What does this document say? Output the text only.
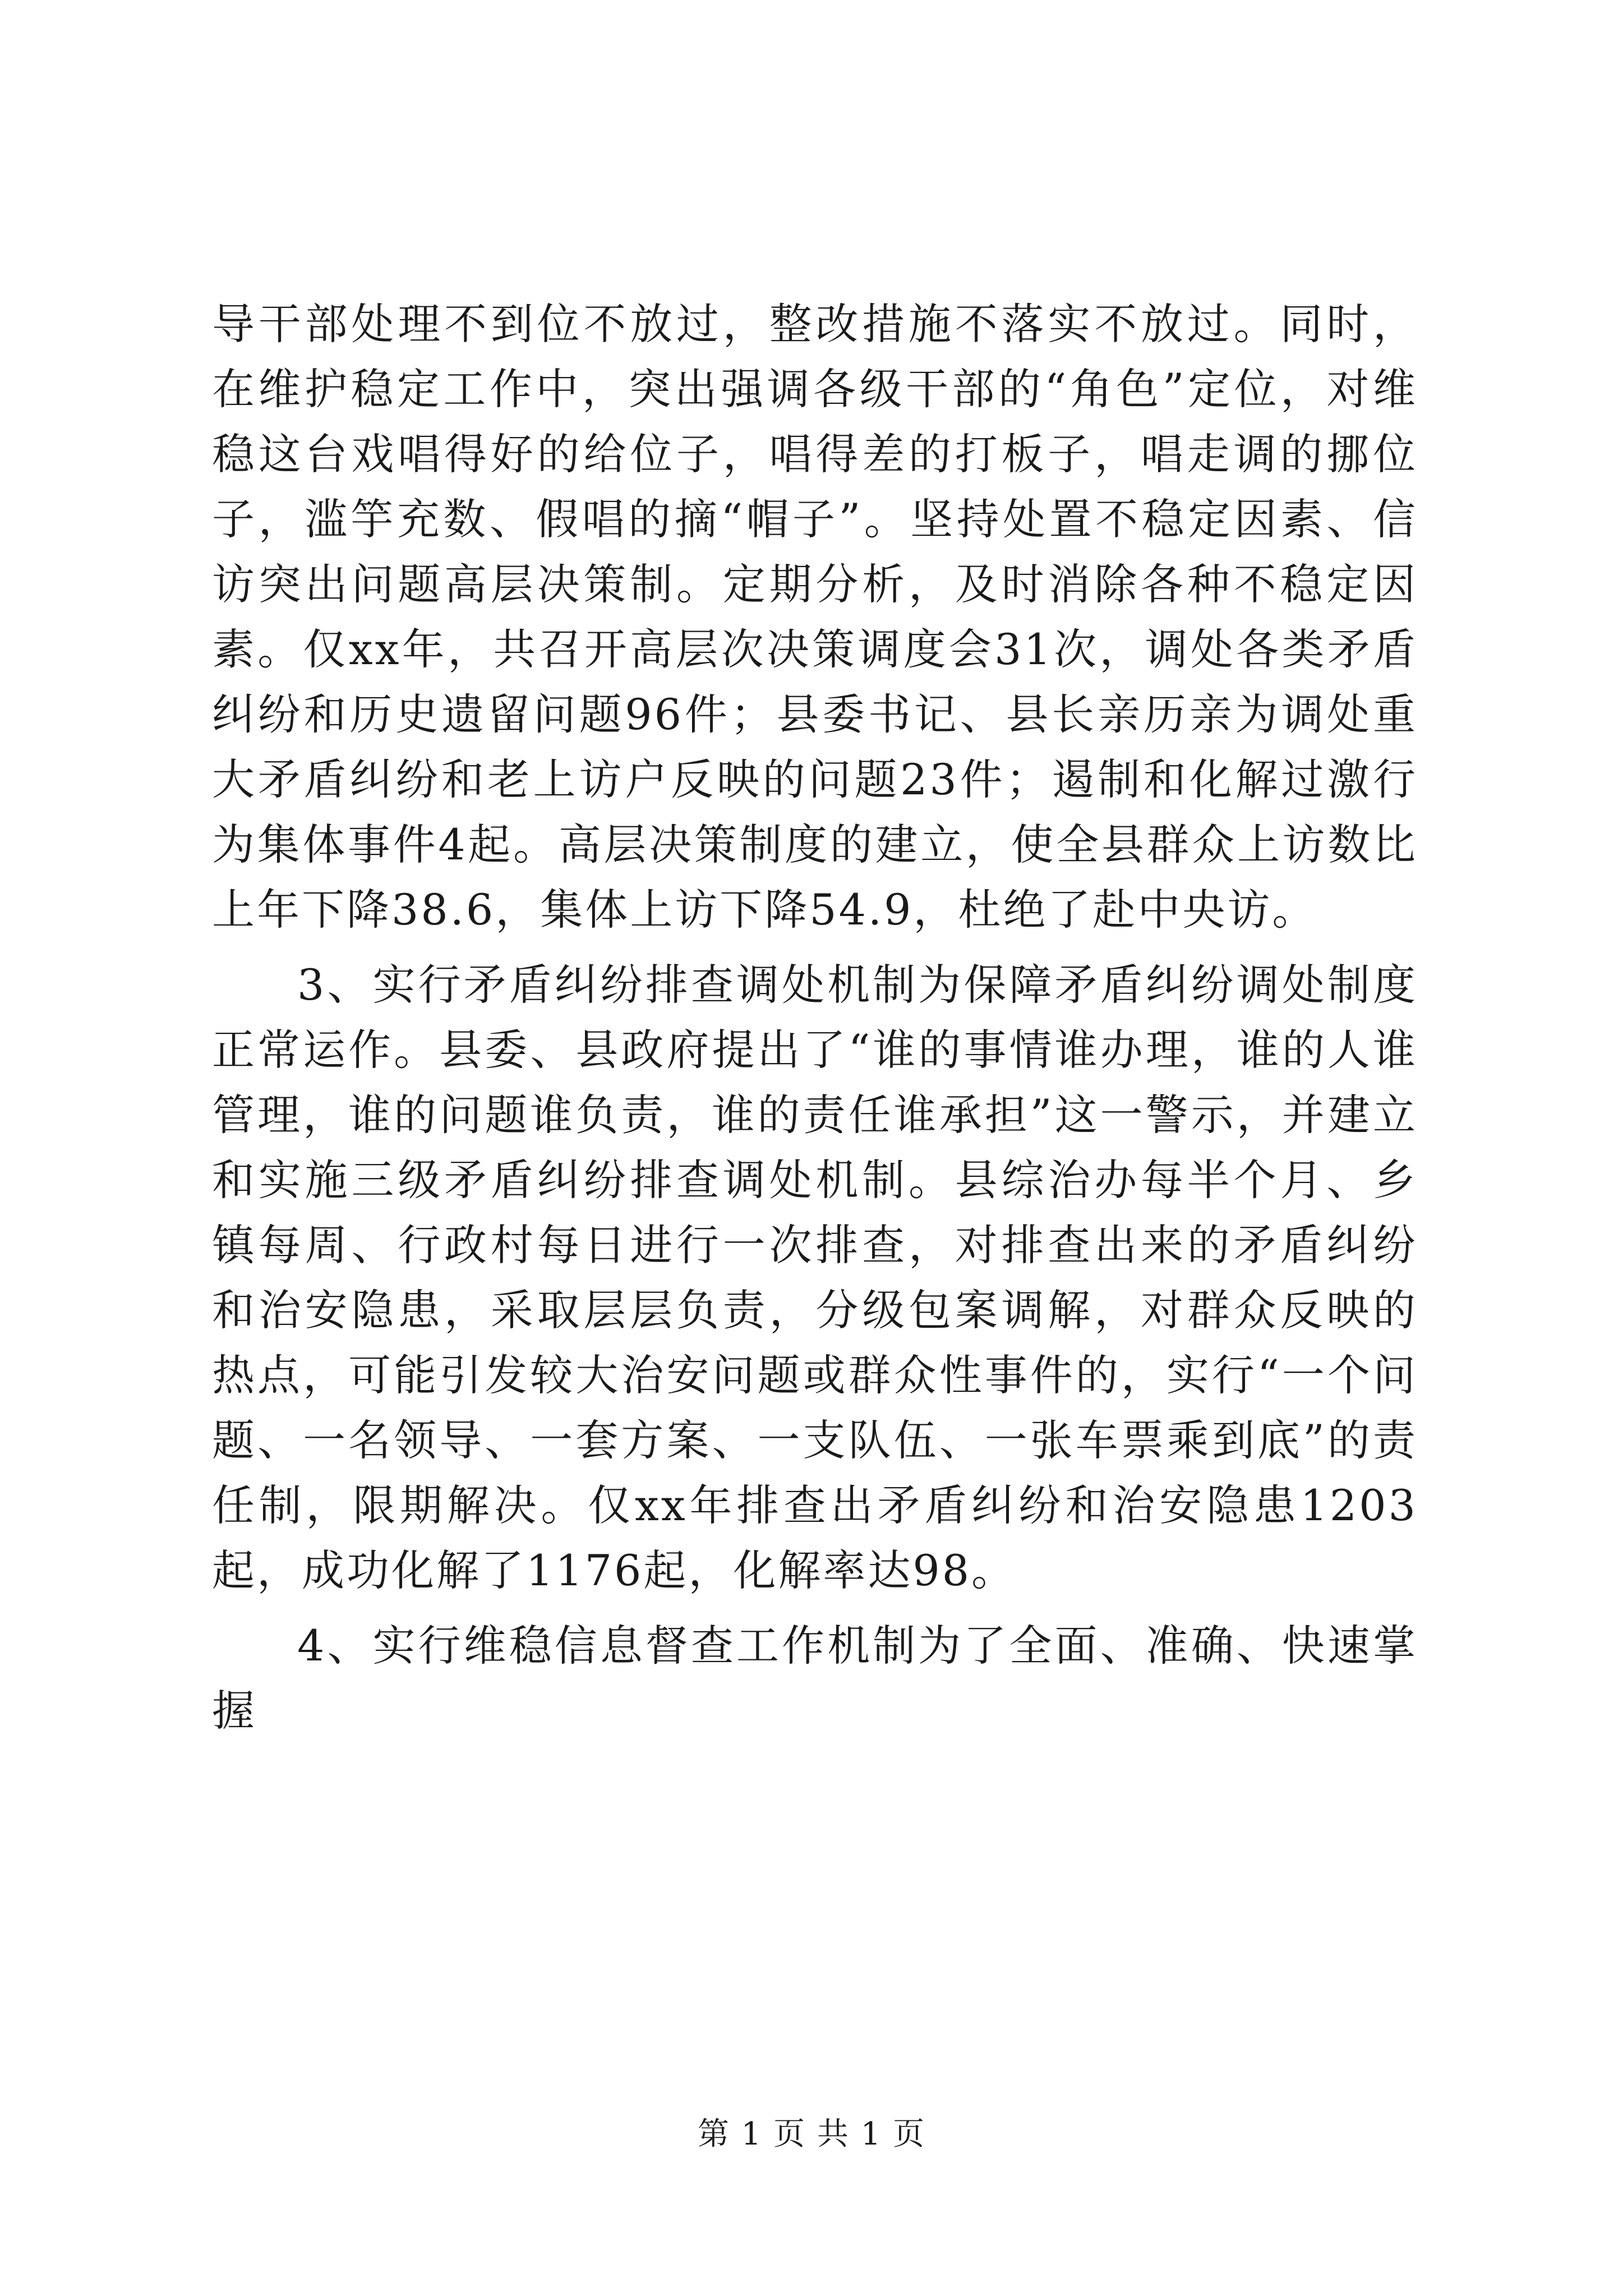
导干部处理不到位不放过，整改措施不落实不放过。同时，在维护稳定工作中，突出强调各级干部的“角色”定位，对维稳这台戏唱得好的给位子，唱得差的打板子，唱走调的挪位子，滥竽充数、假唱的摘“帽子”。坚持处置不稳定因素、信访突出问题高层决策制。定期分析，及时消除各种不稳定因素。仅xx年，共召开高层次决策调度会31次，调处各类矛盾纠纷和历史遗留问题96件；县委书记、县长亲历亲为调处重大矛盾纠纷和老上访户反映的问题23件；遏制和化解过激行为集体事件4起。高层决策制度的建立，使全县群众上访数比上年下降38.6，集体上访下降54.9，杜绝了赴中央访。

3、实行矛盾纠纷排查调处机制为保障矛盾纠纷调处制度正常运作。县委、县政府提出了“谁的事情谁办理，谁的人谁管理，谁的问题谁负责，谁的责任谁承担”这一警示，并建立和实施三级矛盾纠纷排查调处机制。县综治办每半个月、乡镇每周、行政村每日进行一次排查，对排查出来的矛盾纠纷和治安隐患，采取层层负责，分级包案调解，对群众反映的热点，可能引发较大治安问题或群众性事件的，实行“一个问题、一名领导、一套方案、一支队伍、一张车票乘到底”的责任制，限期解决。仅xx年排查出矛盾纠纷和治安隐患1203起，成功化解了1176起，化解率达98。

4、实行维稳信息督查工作机制为了全面、准确、快速掌握

第 1 页 共 1 页
